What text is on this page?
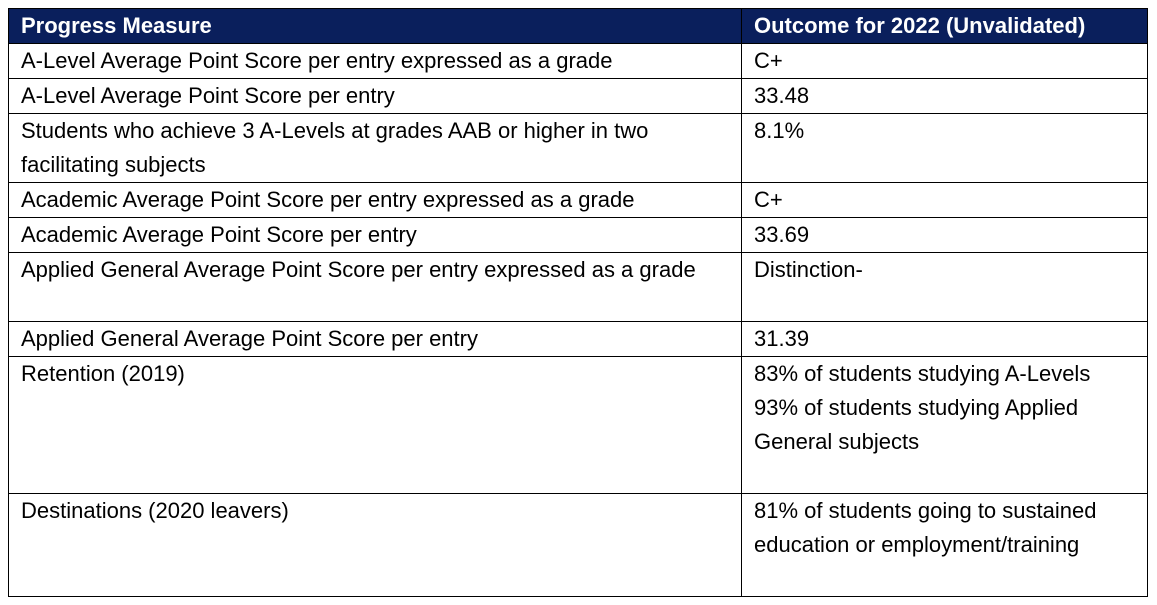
Progress Measure	Outcome for 2022 (Unvalidated)
A-Level Average Point Score per entry expressed as a grade	C+

A-Level Average Point Score per entry	33.48

Students who achieve 3 A-Levels at grades AAB or higher in two facilitating subjects	8.1%

Academic Average Point Score per entry expressed as a grade	C+

Academic Average Point Score per entry	33.69

Applied General Average Point Score per entry expressed as a grade	Distinction-

Applied General Average Point Score per entry	31.39

Retention (2019)	83% of students studying A-Levels
93% of students studying Applied General subjects

Destinations (2020 leavers)	81% of students going to sustained education or employment/training
